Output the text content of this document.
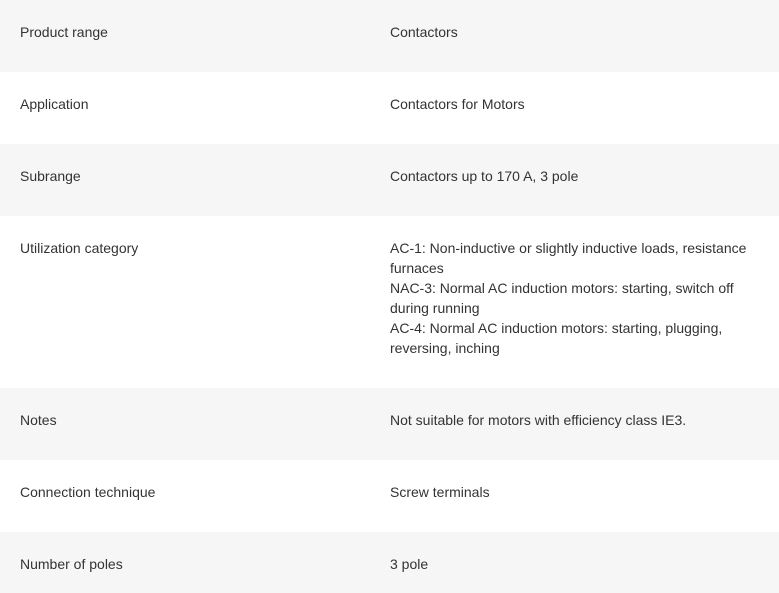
Product range	Contactors
Application	Contactors for Motors
Subrange	Contactors up to 170 A, 3 pole
Utilization category	AC-1: Non-inductive or slightly inductive loads, resistance furnaces
NAC-3: Normal AC induction motors: starting, switch off during running
AC-4: Normal AC induction motors: starting, plugging, reversing, inching
Notes	Not suitable for motors with efficiency class IE3.
Connection technique	Screw terminals
Number of poles	3 pole
